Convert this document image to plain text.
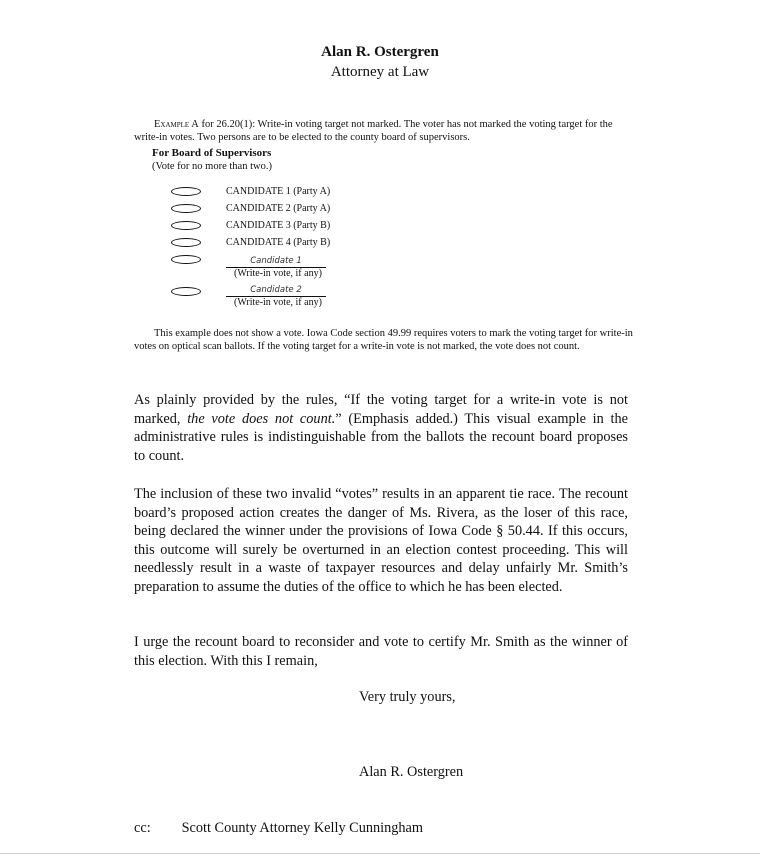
Alan R. Ostergren
Attorney at Law
Example A for 26.20(1): Write-in voting target not marked. The voter has not marked the voting target for the write-in votes. Two persons are to be elected to the county board of supervisors.
For Board of Supervisors
(Vote for no more than two.)
CANDIDATE 1 (Party A)
CANDIDATE 2 (Party A)
CANDIDATE 3 (Party B)
CANDIDATE 4 (Party B)
Candidate 1
(Write-in vote, if any)
Candidate 2
(Write-in vote, if any)
This example does not show a vote. Iowa Code section 49.99 requires voters to mark the voting target for write-in votes on optical scan ballots. If the voting target for a write-in vote is not marked, the vote does not count.
As plainly provided by the rules, “If the voting target for a write-in vote is not marked, the vote does not count.” (Emphasis added.) This visual example in the administrative rules is indistinguishable from the ballots the recount board proposes to count.
The inclusion of these two invalid “votes” results in an apparent tie race. The recount board’s proposed action creates the danger of Ms. Rivera, as the loser of this race, being declared the winner under the provisions of Iowa Code § 50.44. If this occurs, this outcome will surely be overturned in an election contest proceeding. This will needlessly result in a waste of taxpayer resources and delay unfairly Mr. Smith’s preparation to assume the duties of the office to which he has been elected.
I urge the recount board to reconsider and vote to certify Mr. Smith as the winner of this election. With this I remain,
Very truly yours,
Alan R. Ostergren
cc: Scott County Attorney Kelly Cunningham
